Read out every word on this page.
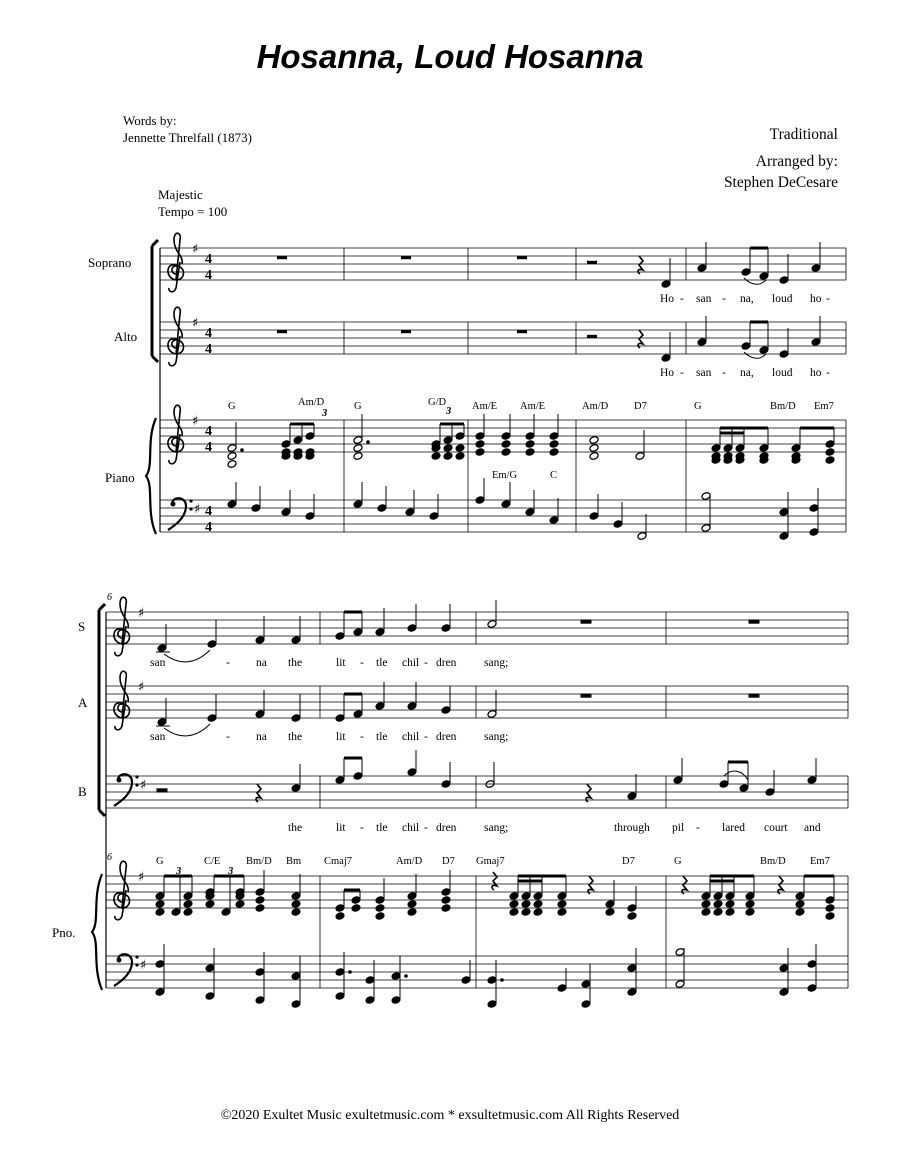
Hosanna, Loud Hosanna
Words by:
Jennette Threlfall (1873)	Traditional
Arranged by:
Stephen DeCesare
Majestic
Tempo = 100
♯
♯
♯
♯
4
4
4
4
4
4
4
4
♯
♯
♯
♯
♯
Soprano
Alto
Piano
G	Am/D	G	G/D Am/E Am/E	Am/D D7	G	Bm/D Em7
Em/G	C
3	3
Ho - san - na, loud ho -
Ho - san - na, loud ho -
6
S
A
B
Pno.
6	G	C/E Bm/D Bm Cmaj7	Am/D D7 Gmaj7	D7	G	Bm/D Em7
3	3
san	- na the	lit - tle chil - dren sang;
san	- na the	lit - tle chil - dren sang;
the	lit - tle chil - dren sang;	through pil - lared court and
©2020 Exultet Music exultetmusic.com * exsultetmusic.com All Rights Reserved
